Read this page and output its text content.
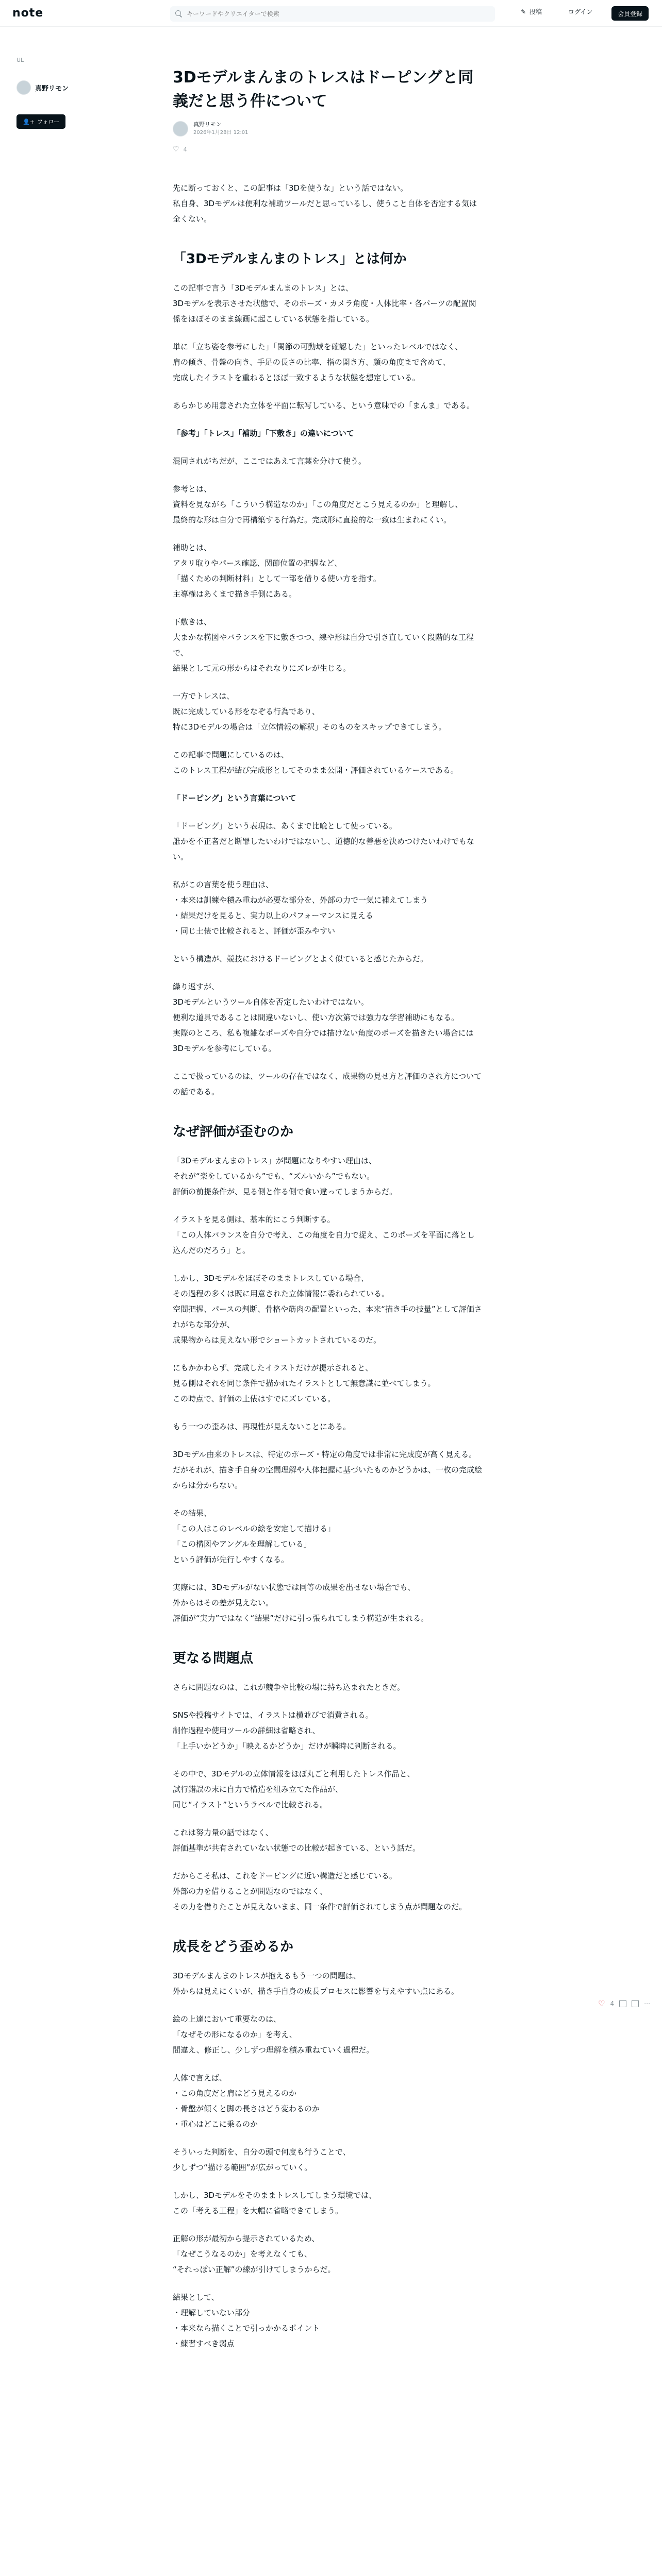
note
キーワードやクリエイターで検索	✎ 投稿	ログイン	会員登録
UL
真野リモン
👤+ フォロー
3Dモデルまんまのトレスはドーピングと同義だと思う件について
真野リモン
2026年1月28日 12:01
♡ 4

先に断っておくと、この記事は「3Dを使うな」という話ではない。
私自身、3Dモデルは便利な補助ツールだと思っているし、使うこと自体を否定する気は全くない。

「3Dモデルまんまのトレス」とは何か

この記事で言う「3Dモデルまんまのトレス」とは、
3Dモデルを表示させた状態で、そのポーズ・カメラ角度・人体比率・各パーツの配置関係をほぼそのまま線画に起こしている状態を指している。

単に「立ち姿を参考にした」「関節の可動域を確認した」といったレベルではなく、
肩の傾き、骨盤の向き、手足の長さの比率、指の開き方、顔の角度まで含めて、
完成したイラストを重ねるとほぼ一致するような状態を想定している。

あらかじめ用意された立体を平面に転写している、という意味での「まんま」である。

「参考」「トレス」「補助」「下敷き」の違いについて

混同されがちだが、ここではあえて言葉を分けて使う。

参考とは、
資料を見ながら「こういう構造なのか」「この角度だとこう見えるのか」と理解し、
最終的な形は自分で再構築する行為だ。完成形に直接的な一致は生まれにくい。

補助とは、
アタリ取りやパース確認、関節位置の把握など、
「描くための判断材料」として一部を借りる使い方を指す。
主導権はあくまで描き手側にある。

下敷きは、
大まかな構図やバランスを下に敷きつつ、線や形は自分で引き直していく段階的な工程で、
結果として元の形からはそれなりにズレが生じる。

一方でトレスは、
既に完成している形をなぞる行為であり、
特に3Dモデルの場合は「立体情報の解釈」そのものをスキップできてしまう。

この記事で問題にしているのは、
このトレス工程が結び完成形としてそのまま公開・評価されているケースである。

「ドーピング」という言葉について

「ドーピング」という表現は、あくまで比喩として使っている。
誰かを不正者だと断罪したいわけではないし、道徳的な善悪を決めつけたいわけでもない。

私がこの言葉を使う理由は、
・本来は訓練や積み重ねが必要な部分を、外部の力で一気に補えてしまう
・結果だけを見ると、実力以上のパフォーマンスに見える
・同じ土俵で比較されると、評価が歪みやすい

という構造が、競技におけるドーピングとよく似ていると感じたからだ。

繰り返すが、
3Dモデルというツール自体を否定したいわけではない。
便利な道具であることは間違いないし、使い方次第では強力な学習補助にもなる。
実際のところ、私も複雑なポーズや自分では描けない角度のポーズを描きたい場合には3Dモデルを参考にしている。

ここで扱っているのは、ツールの存在ではなく、成果物の見せ方と評価のされ方についての話である。

なぜ評価が歪むのか

「3Dモデルまんまのトレス」が問題になりやすい理由は、
それが“楽をしているから”でも、“ズルいから”でもない。
評価の前提条件が、見る側と作る側で食い違ってしまうからだ。

イラストを見る側は、基本的にこう判断する。
「この人体バランスを自分で考え、この角度を自力で捉え、このポーズを平面に落とし込んだのだろう」と。

しかし、3Dモデルをほぼそのままトレスしている場合、
その過程の多くは既に用意された立体情報に委ねられている。
空間把握、パースの判断、骨格や筋肉の配置といった、本来“描き手の技量”として評価されがちな部分が、
成果物からは見えない形でショートカットされているのだ。

にもかかわらず、完成したイラストだけが提示されると、
見る側はそれを同じ条件で描かれたイラストとして無意識に並べてしまう。
この時点で、評価の土俵はすでにズレている。

もう一つの歪みは、再現性が見えないことにある。

3Dモデル由来のトレスは、特定のポーズ・特定の角度では非常に完成度が高く見える。
だがそれが、描き手自身の空間理解や人体把握に基づいたものかどうかは、一枚の完成絵からは分からない。

その結果、
「この人はこのレベルの絵を安定して描ける」
「この構図やアングルを理解している」
という評価が先行しやすくなる。

実際には、3Dモデルがない状態では同等の成果を出せない場合でも、
外からはその差が見えない。
評価が“実力”ではなく“結果”だけに引っ張られてしまう構造が生まれる。

更なる問題点

さらに問題なのは、これが競争や比較の場に持ち込まれたときだ。

SNSや投稿サイトでは、イラストは横並びで消費される。
制作過程や使用ツールの詳細は省略され、
「上手いかどうか」「映えるかどうか」だけが瞬時に判断される。

その中で、3Dモデルの立体情報をほぼ丸ごと利用したトレス作品と、
試行錯誤の末に自力で構造を組み立てた作品が、
同じ“イラスト”というラベルで比較される。

これは努力量の話ではなく、
評価基準が共有されていない状態での比較が起きている、という話だ。

だからこそ私は、これをドーピングに近い構造だと感じている。
外部の力を借りることが問題なのではなく、
その力を借りたことが見えないまま、同一条件で評価されてしまう点が問題なのだ。

成長をどう歪めるか

3Dモデルまんまのトレスが抱えるもう一つの問題は、
外からは見えにくいが、描き手自身の成長プロセスに影響を与えやすい点にある。

絵の上達において重要なのは、
「なぜその形になるのか」を考え、
間違え、修正し、少しずつ理解を積み重ねていく過程だ。

人体で言えば、
・この角度だと肩はどう見えるのか
・骨盤が傾くと脚の長さはどう変わるのか
・重心はどこに乗るのか

そういった判断を、自分の頭で何度も行うことで、
少しずつ“描ける範囲”が広がっていく。

しかし、3Dモデルをそのままトレスしてしまう環境では、
この「考える工程」を大幅に省略できてしまう。

正解の形が最初から提示されているため、
「なぜこうなるのか」を考えなくても、
“それっぽい正解”の線が引けてしまうからだ。

結果として、
・理解していない部分
・本来なら描くことで引っかかるポイント
・練習すべき弱点

♡ 4	⋯
